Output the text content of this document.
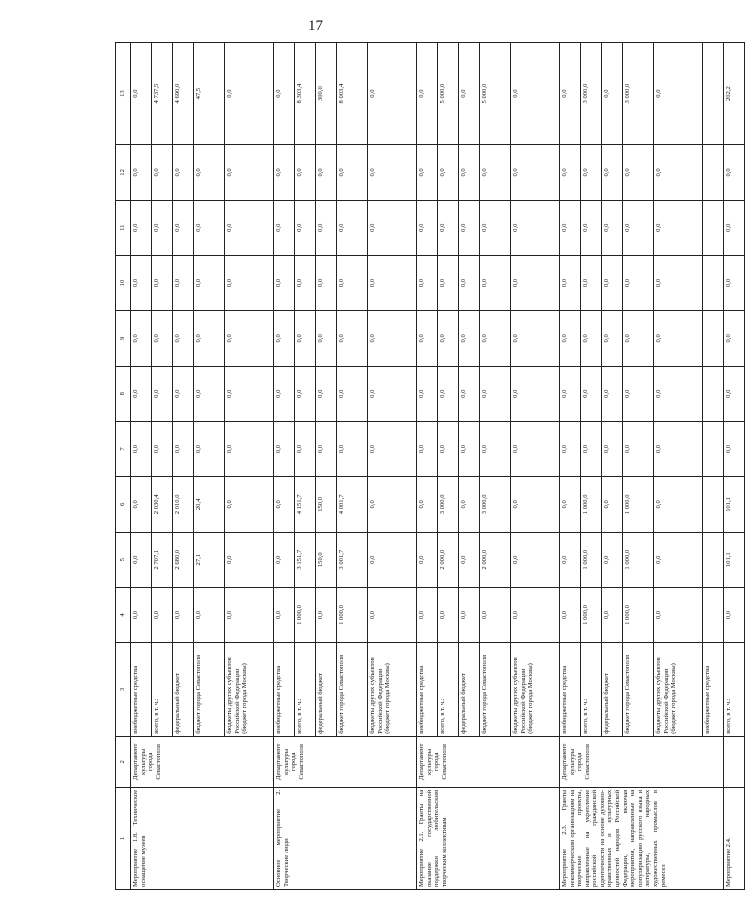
17
1	2	3	4	5	6	7	8	9	10	11	12	13
Мероприятие 1.8. Техническое оснащение музеев	Департамент культуры города Севастополя	внебюджетные средства	0,0	0,0	0,0	0,0	0,0	0,0	0,0	0,0	0,0	0,0
		всего, в т. ч.:	0,0	2 707,1	2 030,4	0,0	0,0	0,0	0,0	0,0	0,0	4 737,5
		федеральный бюджет	0,0	2 680,0	2 010,0	0,0	0,0	0,0	0,0	0,0	0,0	4 690,0
		бюджет города Севастополя	0,0	27,1	20,4	0,0	0,0	0,0	0,0	0,0	0,0	47,5
		бюджеты других субъектов Российской Федерации (бюджет города Москвы)	0,0	0,0	0,0	0,0	0,0	0,0	0,0	0,0	0,0	0,0
Основное мероприятие 2. Творческие люди	Департамент культуры города Севастополя	внебюджетные средства	0,0	0,0	0,0	0,0	0,0	0,0	0,0	0,0	0,0	0,0
		всего, в т. ч.:	1 000,0	3 151,7	4 151,7	0,0	0,0	0,0	0,0	0,0	0,0	8 303,4
		федеральный бюджет	0,0	150,0	150,0	0,0	0,0	0,0	0,0	0,0	0,0	300,0
		бюджет города Севастополя	1 000,0	3 001,7	4 001,7	0,0	0,0	0,0	0,0	0,0	0,0	8 003,4
		бюджеты других субъектов Российской Федерации (бюджет города Москвы)	0,0	0,0	0,0	0,0	0,0	0,0	0,0	0,0	0,0	0,0
Мероприятие 2.1. Гранты на оказание государственной поддержки любительским творческим коллективам	Департамент культуры города Севастополя	внебюджетные средства	0,0	0,0	0,0	0,0	0,0	0,0	0,0	0,0	0,0	0,0
		всего, в т. ч.:	0,0	2 000,0	3 000,0	0,0	0,0	0,0	0,0	0,0	0,0	5 000,0
		федеральный бюджет	0,0	0,0	0,0	0,0	0,0	0,0	0,0	0,0	0,0	0,0
		бюджет города Севастополя	0,0	2 000,0	3 000,0	0,0	0,0	0,0	0,0	0,0	0,0	5 000,0
		бюджеты других субъектов Российской Федерации (бюджет города Москвы)	0,0	0,0	0,0	0,0	0,0	0,0	0,0	0,0	0,0	0,0
Мероприятие 2.3. Гранты некоммерческим организациям на творческие проекты, направленные на укрепление российской гражданской идентичности на основе духовно-нравственных и культурных ценностей народов Российской Федерации, включая мероприятия, направленные на популяризацию русского языка и литературы, народных художественных промыслов в ремесел	Департамент культуры города Севастополя	внебюджетные средства	0,0	0,0	0,0	0,0	0,0	0,0	0,0	0,0	0,0	0,0
		всего, в т. ч.:	1 000,0	1 000,0	1 000,0	0,0	0,0	0,0	0,0	0,0	0,0	3 000,0
		федеральный бюджет	0,0	0,0	0,0	0,0	0,0	0,0	0,0	0,0	0,0	0,0
		бюджет города Севастополя	1 000,0	1 000,0	1 000,0	0,0	0,0	0,0	0,0	0,0	0,0	3 000,0
		бюджеты других субъектов Российской Федерации (бюджет города Москвы)	0,0	0,0	0,0	0,0	0,0	0,0	0,0	0,0	0,0	0,0
		внебюджетные средства										
Мероприятие 2.4.		всего, в т. ч.:	0,0	101,1	101,1	0,0	0,0	0,0	0,0	0,0	0,0	202,2
